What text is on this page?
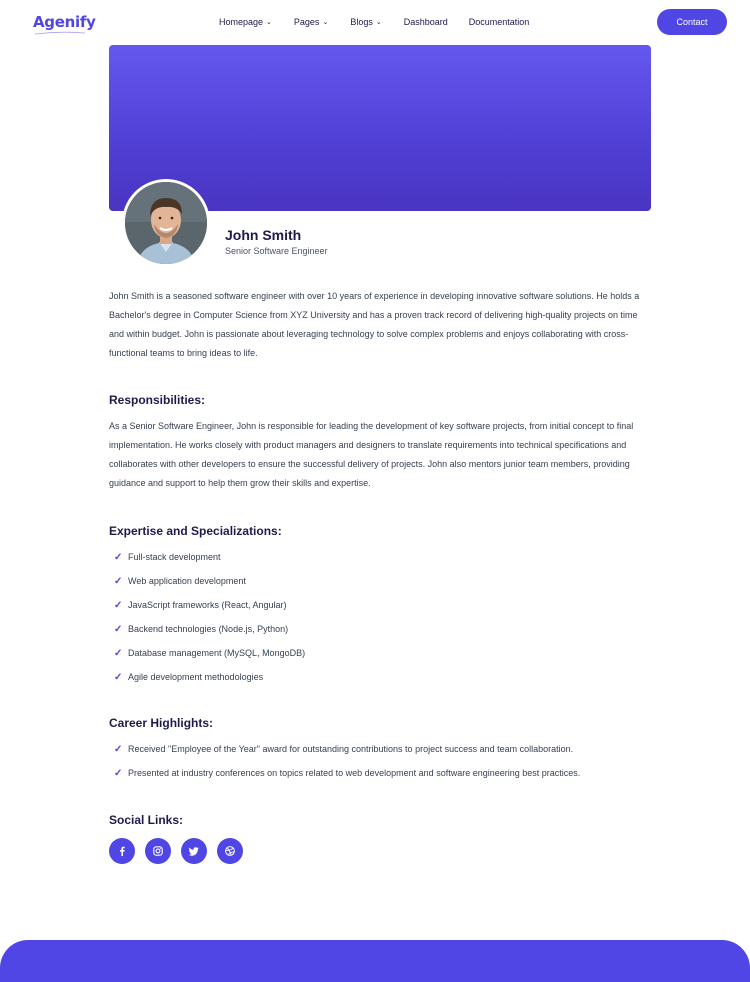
Agenify	Homepage ⌄ Pages ⌄ Blogs ⌄ Dashboard Documentation	Contact
John Smith
Senior Software Engineer

John Smith is a seasoned software engineer with over 10 years of experience in developing innovative software solutions. He holds a Bachelor's degree in Computer Science from XYZ University and has a proven track record of delivering high-quality projects on time and within budget. John is passionate about leveraging technology to solve complex problems and enjoys collaborating with cross-functional teams to bring ideas to life.

Responsibilities:

As a Senior Software Engineer, John is responsible for leading the development of key software projects, from initial concept to final implementation. He works closely with product managers and designers to translate requirements into technical specifications and collaborates with other developers to ensure the successful delivery of projects. John also mentors junior team members, providing guidance and support to help them grow their skills and expertise.

Expertise and Specializations:
✓ Full-stack development
✓ Web application development
✓ JavaScript frameworks (React, Angular)
✓ Backend technologies (Node.js, Python)
✓ Database management (MySQL, MongoDB)
✓ Agile development methodologies
Career Highlights:
✓ Received "Employee of the Year" award for outstanding contributions to project success and team collaboration.
✓ Presented at industry conferences on topics related to web development and software engineering best practices.
Social Links:
